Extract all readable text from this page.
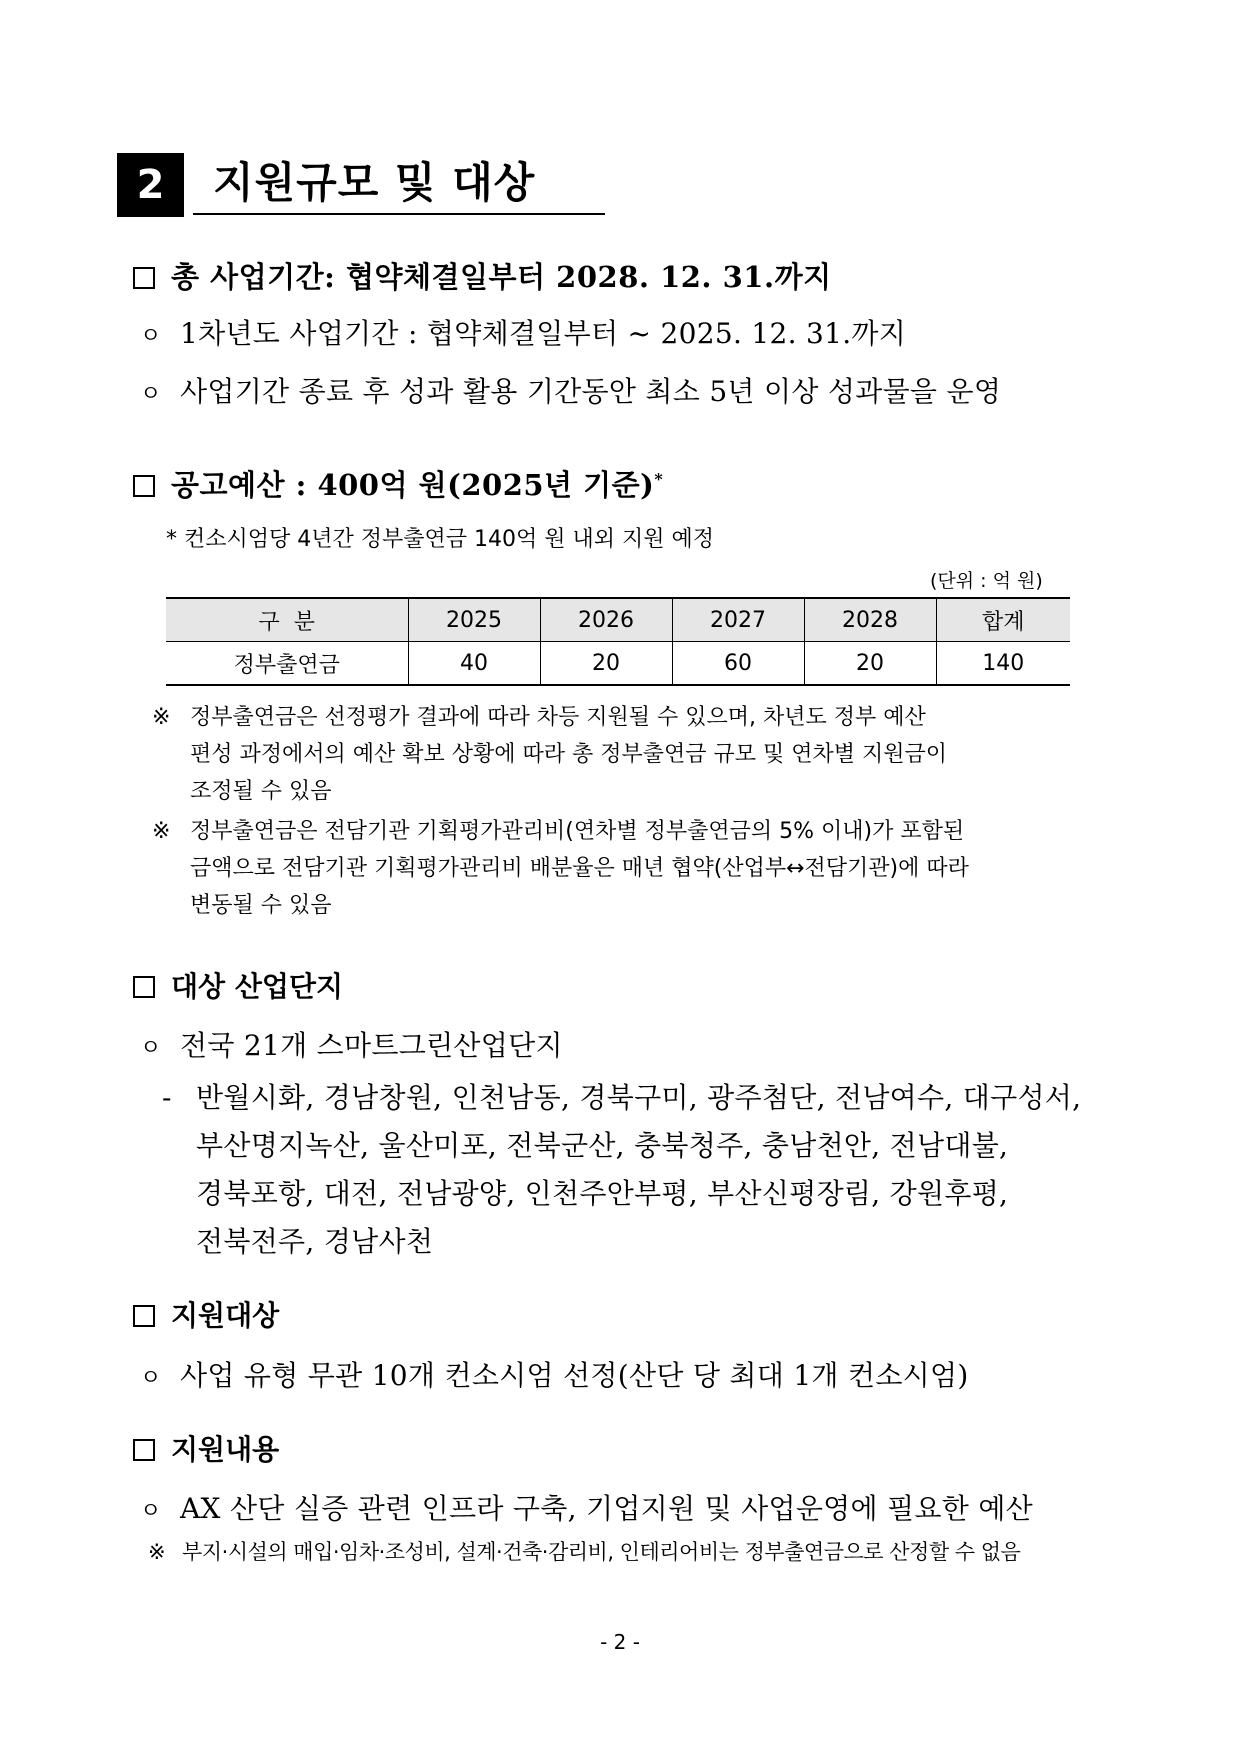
2	지원규모 및 대상
총 사업기간: 협약체결일부터 2028. 12. 31.까지
ㅇ 1차년도 사업기간 : 협약체결일부터 ~ 2025. 12. 31.까지
ㅇ 사업기간 종료 후 성과 활용 기간동안 최소 5년 이상 성과물을 운영
공고예산 : 400억 원(2025년 기준)*
* 컨소시엄당 4년간 정부출연금 140억 원 내외 지원 예정
(단위 : 억 원)
구  분	2025	2026	2027	2028	합계
정부출연금	40	20	60	20	140
※ 정부출연금은 선정평가 결과에 따라 차등 지원될 수 있으며, 차년도 정부 예산
편성 과정에서의 예산 확보 상황에 따라 총 정부출연금 규모 및 연차별 지원금이
조정될 수 있음
※ 정부출연금은 전담기관 기획평가관리비(연차별 정부출연금의 5% 이내)가 포함된
금액으로 전담기관 기획평가관리비 배분율은 매년 협약(산업부↔전담기관)에 따라
변동될 수 있음
대상 산업단지
ㅇ 전국 21개 스마트그린산업단지
- 반월시화, 경남창원, 인천남동, 경북구미, 광주첨단, 전남여수, 대구성서,
부산명지녹산, 울산미포, 전북군산, 충북청주, 충남천안, 전남대불,
경북포항, 대전, 전남광양, 인천주안부평, 부산신평장림, 강원후평,
전북전주, 경남사천
지원대상
ㅇ 사업 유형 무관 10개 컨소시엄 선정(산단 당 최대 1개 컨소시엄)
지원내용
ㅇ AX 산단 실증 관련 인프라 구축, 기업지원 및 사업운영에 필요한 예산
※ 부지·시설의 매입·임차·조성비, 설계·건축·감리비, 인테리어비는 정부출연금으로 산정할 수 없음
- 2 -
